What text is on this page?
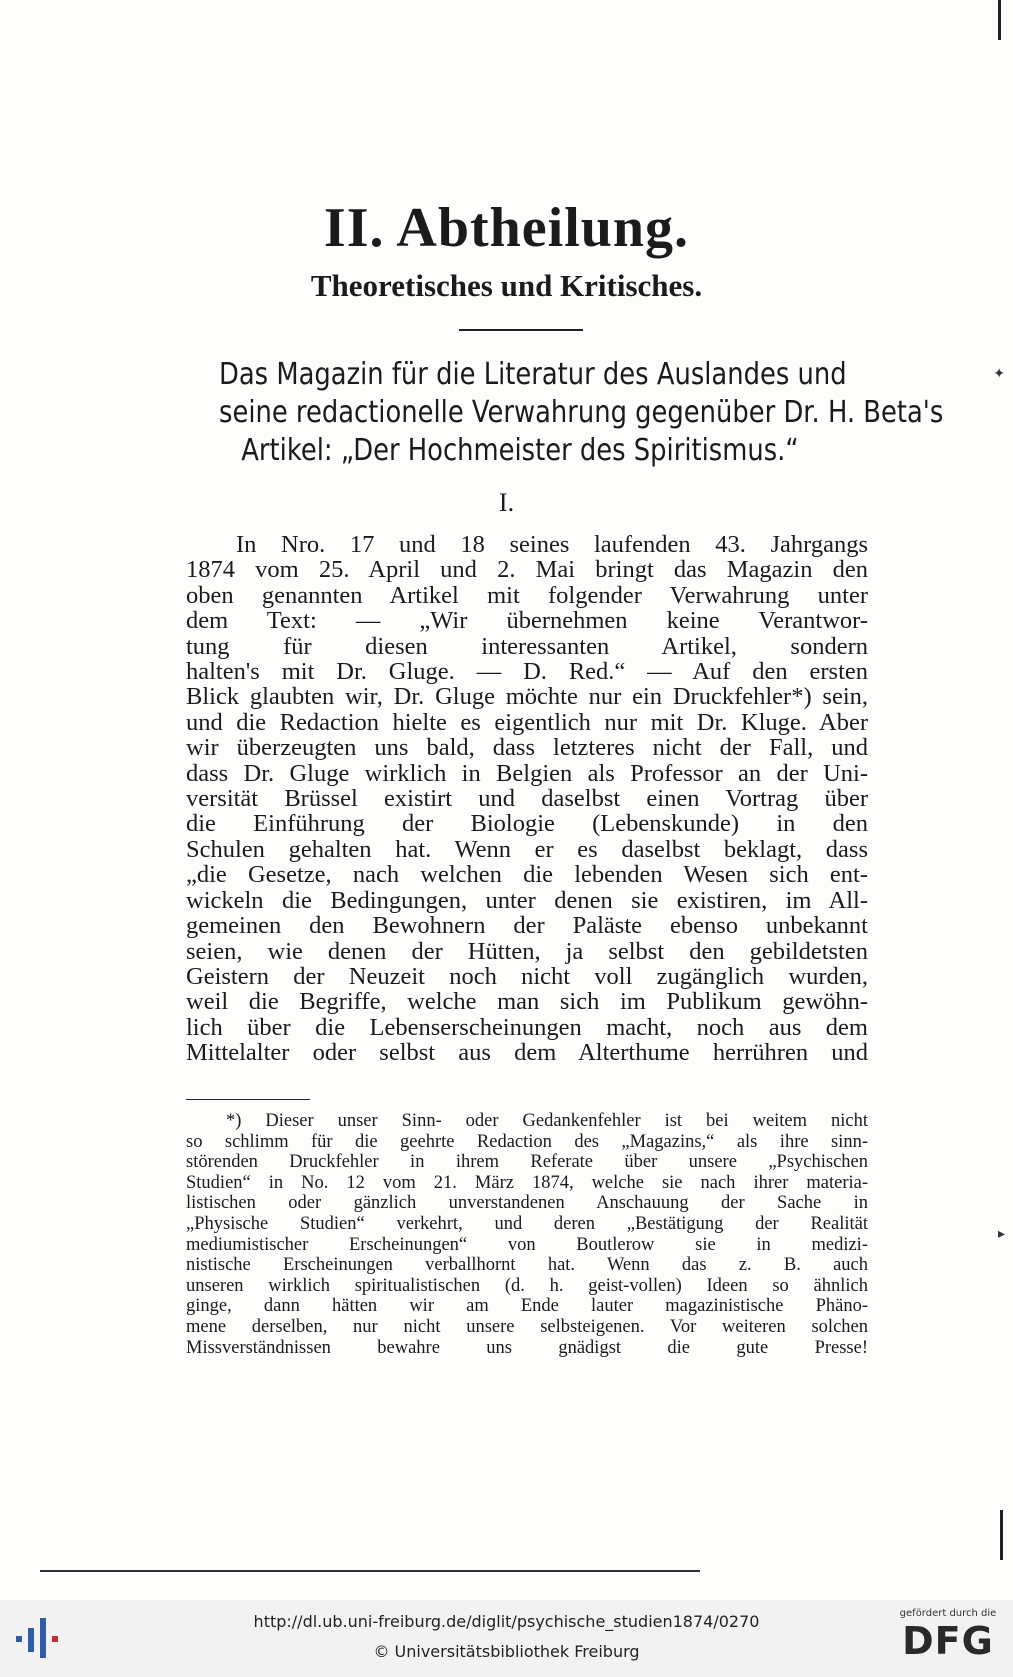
II. Abtheilung.
Theoretisches und Kritisches.
Das Magazin für die Literatur des Auslandes und
seine redactionelle Verwahrung gegenüber Dr. H. Beta's
Artikel: „Der Hochmeister des Spiritismus.“
I.
In Nro. 17 und 18 seines laufenden 43. Jahrgangs
1874 vom 25. April und 2. Mai bringt das Magazin den
oben genannten Artikel mit folgender Verwahrung unter
dem Text: — „Wir übernehmen keine Verantwor-
tung für diesen interessanten Artikel, sondern
halten's mit Dr. Gluge. — D. Red.“ — Auf den ersten
Blick glaubten wir, Dr. Gluge möchte nur ein Druckfehler*) sein,
und die Redaction hielte es eigentlich nur mit Dr. Kluge. Aber
wir überzeugten uns bald, dass letzteres nicht der Fall, und
dass Dr. Gluge wirklich in Belgien als Professor an der Uni-
versität Brüssel existirt und daselbst einen Vortrag über
die Einführung der Biologie (Lebenskunde) in den
Schulen gehalten hat. Wenn er es daselbst beklagt, dass
„die Gesetze, nach welchen die lebenden Wesen sich ent-
wickeln die Bedingungen, unter denen sie existiren, im All-
gemeinen den Bewohnern der Paläste ebenso unbekannt
seien, wie denen der Hütten, ja selbst den gebildetsten
Geistern der Neuzeit noch nicht voll zugänglich wurden,
weil die Begriffe, welche man sich im Publikum gewöhn-
lich über die Lebenserscheinungen macht, noch aus dem
Mittelalter oder selbst aus dem Alterthume herrühren und
*) Dieser unser Sinn- oder Gedankenfehler ist bei weitem nicht
so schlimm für die geehrte Redaction des „Magazins,“ als ihre sinn-
störenden Druckfehler in ihrem Referate über unsere „Psychischen
Studien“ in No. 12 vom 21. März 1874, welche sie nach ihrer materia-
listischen oder gänzlich unverstandenen Anschauung der Sache in
„Physische Studien“ verkehrt, und deren „Bestätigung der Realität
mediumistischer Erscheinungen“ von Boutlerow sie in medizi-
nistische Erscheinungen verballhornt hat. Wenn das z. B. auch
unseren wirklich spiritualistischen (d. h. geist-vollen) Ideen so ähnlich
ginge, dann hätten wir am Ende lauter magazinistische Phäno-
mene derselben, nur nicht unsere selbsteigenen. Vor weiteren solchen
Missverständnissen bewahre uns gnädigst die gute Presse!
✦
▸
http://dl.ub.uni-freiburg.de/diglit/psychische_studien1874/0270
© Universitätsbibliothek Freiburg
gefördert durch die
DFG
